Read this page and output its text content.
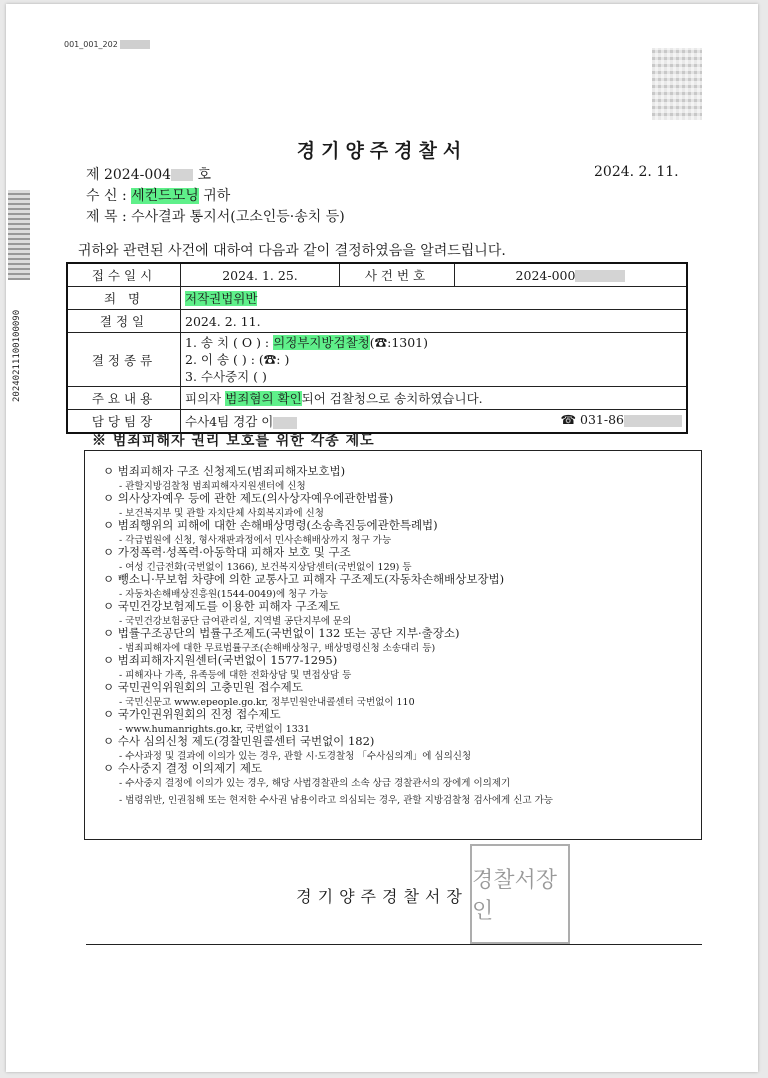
001_001_202
20240211100100090
경기양주경찰서
제 2024-004 호	2024. 2. 11.
수 신 : 세컨드모닝 귀하
제 목 : 수사결과 통지서(고소인등·송치 등)
귀하와 관련된 사건에 대하여 다음과 같이 결정하였음을 알려드립니다.
접수일시	2024. 1. 25.	사건번호	2024-000
죄 명	저작권법위반		
결정일	2024. 2. 11.		
결정종류	1. 송 치 ( O ) : 의정부지방검찰청(☎:1301)
2. 이 송 ( ) : (☎: )
3. 수사중지 ( )		

주요내용	피의자 범죄혐의 확인되어 검찰청으로 송치하였습니다.		
담당팀장	수사4팀 경감 이 ☎ 031-86		
※ 범죄피해자 권리 보호를 위한 각종 제도
ㅇ 범죄피해자 구조 신청제도(범죄피해자보호법)
- 관할지방검찰청 범죄피해자지원센터에 신청
ㅇ 의사상자예우 등에 관한 제도(의사상자예우에관한법률)
- 보건복지부 및 관할 자치단체 사회복지과에 신청
ㅇ 범죄행위의 피해에 대한 손해배상명령(소송촉진등에관한특례법)
- 각급법원에 신청, 형사재판과정에서 민사손해배상까지 청구 가능
ㅇ 가정폭력·성폭력·아동학대 피해자 보호 및 구조
- 여성 긴급전화(국번없이 1366), 보건복지상담센터(국번없이 129) 등
ㅇ 뺑소니·무보험 차량에 의한 교통사고 피해자 구조제도(자동차손해배상보장법)
- 자동차손해배상진흥원(1544-0049)에 청구 가능
ㅇ 국민건강보험제도를 이용한 피해자 구조제도
- 국민건강보험공단 급여관리실, 지역별 공단지부에 문의
ㅇ 법률구조공단의 법률구조제도(국번없이 132 또는 공단 지부·출장소)
- 범죄피해자에 대한 무료법률구조(손해배상청구, 배상명령신청 소송대리 등)
ㅇ 범죄피해자지원센터(국번없이 1577-1295)
- 피해자나 가족, 유족등에 대한 전화상담 및 면접상담 등
ㅇ 국민권익위원회의 고충민원 접수제도
- 국민신문고 www.epeople.go.kr, 정부민원안내콜센터 국번없이 110
ㅇ 국가인권위원회의 진정 접수제도
- www.humanrights.go.kr, 국번없이 1331
ㅇ 수사 심의신청 제도(경찰민원콜센터 국번없이 182)
- 수사과정 및 결과에 이의가 있는 경우, 관할 시·도경찰청 「수사심의계」에 심의신청
ㅇ 수사중지 결정 이의제기 제도
- 수사중지 결정에 이의가 있는 경우, 해당 사법경찰관의 소속 상급 경찰관서의 장에게 이의제기
- 범령위반, 인권침해 또는 현저한 수사권 남용이라고 의심되는 경우, 관할 지방검찰청 검사에게 신고 가능
경찰서장인
경기양주경찰서장
